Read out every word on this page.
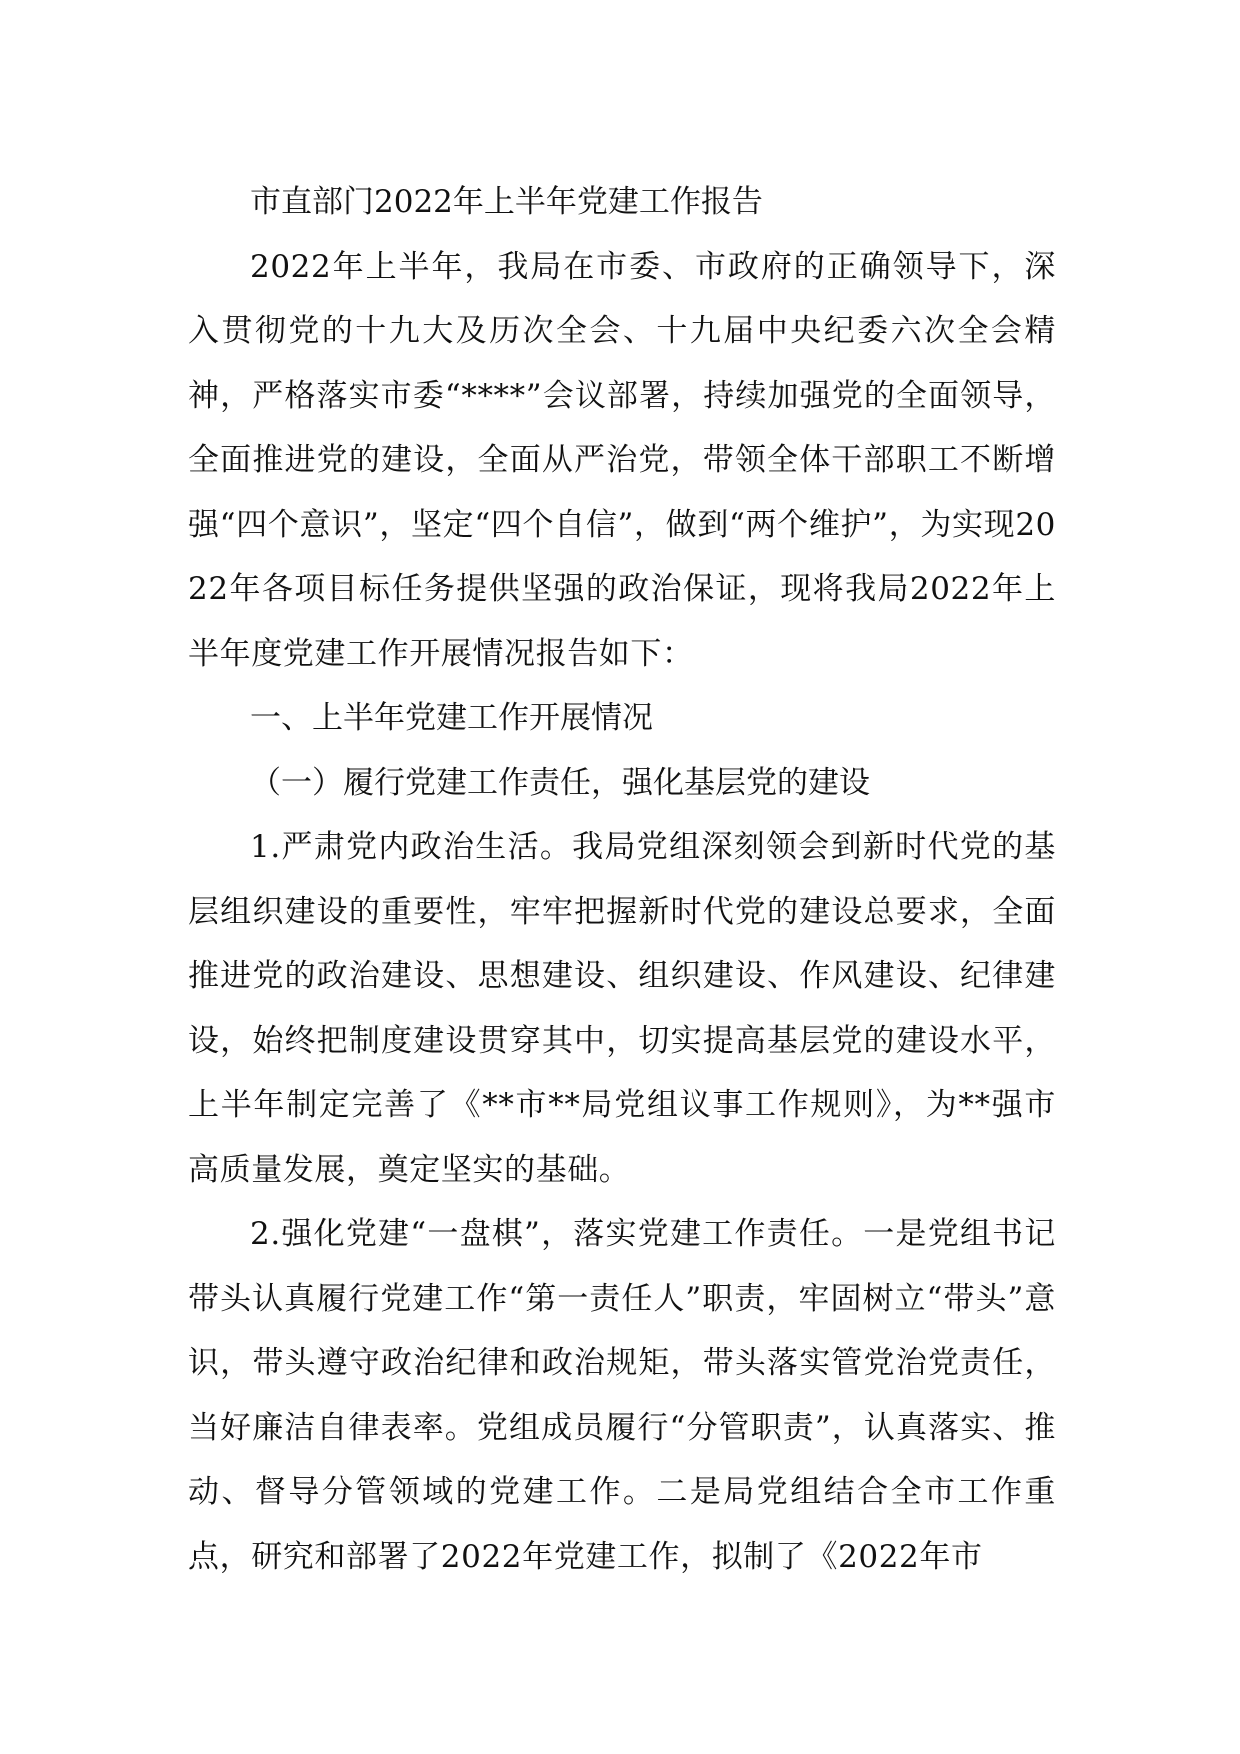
市直部门2022年上半年党建工作报告

2022年上半年，我局在市委、市政府的正确领导下，深入贯彻党的十九大及历次全会、十九届中央纪委六次全会精神，严格落实市委“****”会议部署，持续加强党的全面领导，全面推进党的建设，全面从严治党，带领全体干部职工不断增强“四个意识”，坚定“四个自信”，做到“两个维护”，为实现2022年各项目标任务提供坚强的政治保证，现将我局2022年上半年度党建工作开展情况报告如下：

一、上半年党建工作开展情况

（一）履行党建工作责任，强化基层党的建设

1.严肃党内政治生活。我局党组深刻领会到新时代党的基层组织建设的重要性，牢牢把握新时代党的建设总要求，全面推进党的政治建设、思想建设、组织建设、作风建设、纪律建设，始终把制度建设贯穿其中，切实提高基层党的建设水平，上半年制定完善了《**市**局党组议事工作规则》，为**强市高质量发展，奠定坚实的基础。

2.强化党建“一盘棋”，落实党建工作责任。一是党组书记带头认真履行党建工作“第一责任人”职责，牢固树立“带头”意识，带头遵守政治纪律和政治规矩，带头落实管党治党责任，当好廉洁自律表率。党组成员履行“分管职责”，认真落实、推动、督导分管领域的党建工作。二是局党组结合全市工作重点，研究和部署了2022年党建工作，拟制了《2022年市
